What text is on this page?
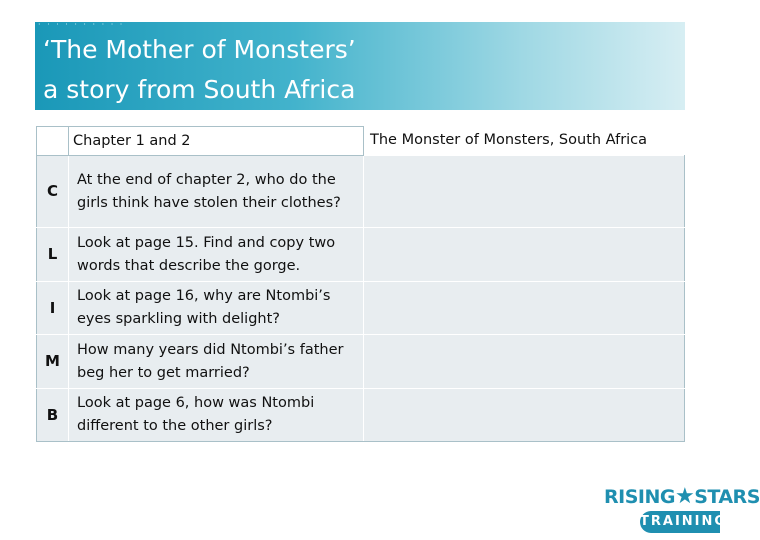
· · · · · · · · · ·
‘The Mother of Monsters’
a story from South Africa
	Chapter 1 and 2	The Monster of Monsters, South Africa
C	At the end of chapter 2, who do the girls think have stolen their clothes?	

L	Look at page 15. Find and copy two words that describe the gorge.	

I	Look at page 16, why are Ntombi’s eyes sparkling with delight?	

M	How many years did Ntombi’s father beg her to get married?	

B	Look at page 6, how was Ntombi different to the other girls?	

RISING★STARS
TRAINING
